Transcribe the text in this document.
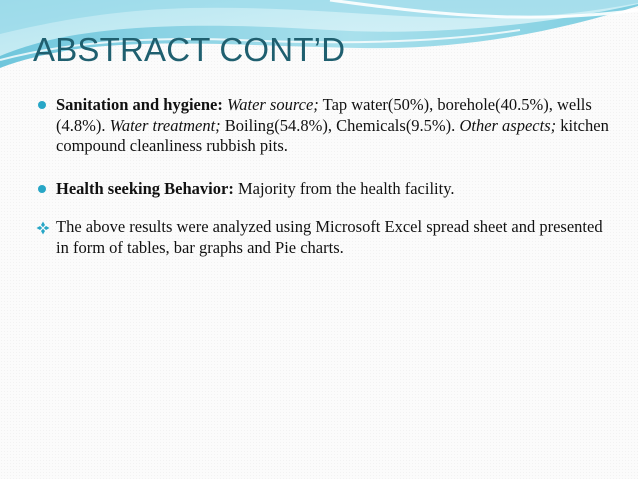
ABSTRACT CONT’D
Sanitation and hygiene: Water source; Tap water(50%), borehole(40.5%), wells (4.8%). Water treatment; Boiling(54.8%), Chemicals(9.5%). Other aspects; kitchen compound cleanliness rubbish pits.
Health seeking Behavior: Majority from the health facility.
The above results were analyzed using Microsoft Excel spread sheet and presented in form of tables, bar graphs and Pie charts.
